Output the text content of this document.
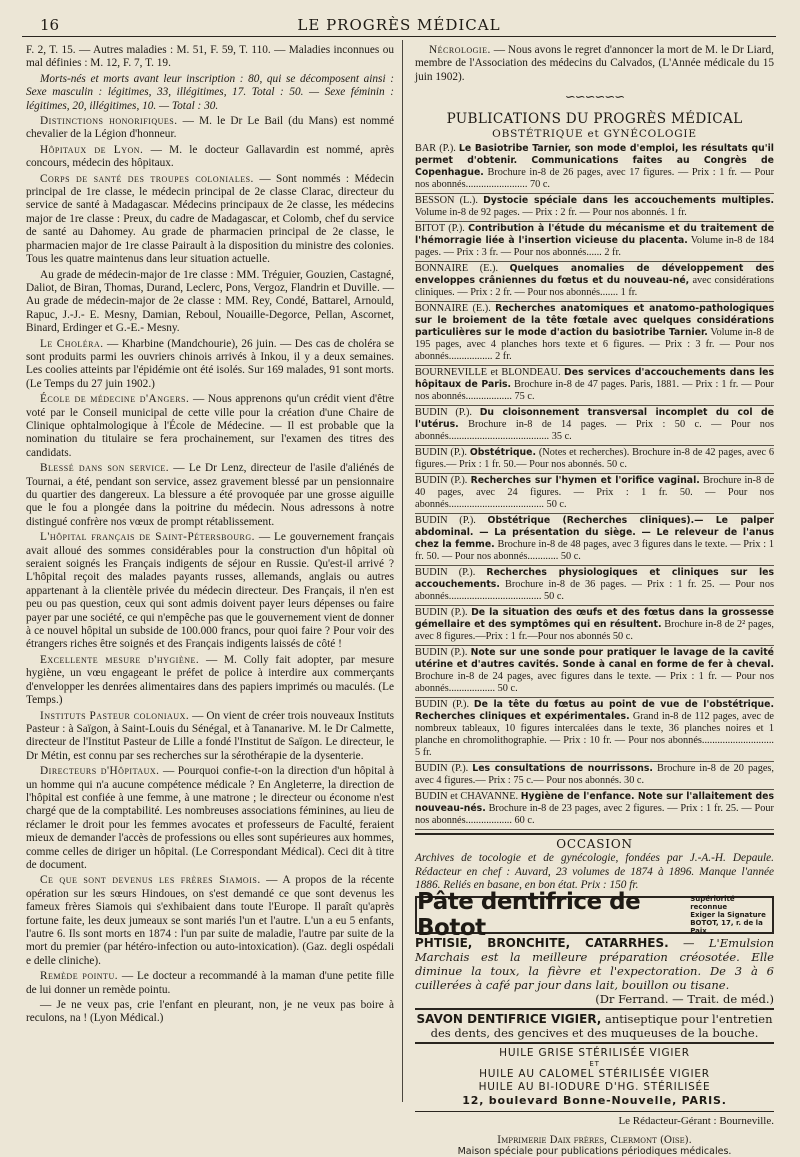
16	LE PROGRÈS MÉDICAL

F. 2, T. 15. — Autres maladies : M. 51, F. 59, T. 110. — Maladies inconnues ou mal définies : M. 12, F. 7, T. 19.

Morts-nés et morts avant leur inscription : 80, qui se décomposent ainsi : Sexe masculin : légitimes, 33, illégitimes, 17. Total : 50. — Sexe féminin : légitimes, 20, illégitimes, 10. — Total : 30.

Distinctions honorifiques. — M. le Dr Le Bail (du Mans) est nommé chevalier de la Légion d'honneur.

Hôpitaux de Lyon. — M. le docteur Gallavardin est nommé, après concours, médecin des hôpitaux.

Corps de santé des troupes coloniales. — Sont nommés : Médecin principal de 1re classe, le médecin principal de 2e classe Clarac, directeur du service de santé à Madagascar. Médecins principaux de 2e classe, les médecins major de 1re classe : Preux, du cadre de Madagascar, et Colomb, chef du service de santé au Dahomey. Au grade de pharmacien principal de 2e classe, le pharmacien major de 1re classe Pairault à la disposition du ministre des colonies. Tous les quatre maintenus dans leur situation actuelle.

Au grade de médecin-major de 1re classe : MM. Tréguier, Gouzien, Castagné, Daliot, de Biran, Thomas, Durand, Leclerc, Pons, Vergoz, Flandrin et Duville. — Au grade de médecin-major de 2e classe : MM. Rey, Condé, Battarel, Arnould, Rapuc, J.-J.- E. Mesny, Damian, Reboul, Nouaille-Degorce, Pellan, Ascornet, Binard, Erdinger et G.-E.- Mesny.

Le Choléra. — Kharbine (Mandchourie), 26 juin. — Des cas de choléra se sont produits parmi les ouvriers chinois arrivés à Inkou, il y a deux semaines. Les coolies atteints par l'épidémie ont été isolés. Sur 169 malades, 91 sont morts. (Le Temps du 27 juin 1902.)

École de médecine d'Angers. — Nous apprenons qu'un crédit vient d'être voté par le Conseil municipal de cette ville pour la création d'une Chaire de Clinique ophtalmologique à l'École de Médecine. — Il est probable que la nomination du titulaire se fera prochainement, sur l'examen des titres des candidats.

Blessé dans son service. — Le Dr Lenz, directeur de l'asile d'aliénés de Tournai, a été, pendant son service, assez gravement blessé par un pensionnaire du quartier des dangereux. La blessure a été provoquée par une grosse aiguille que le fou a plongée dans la poitrine du médecin. Nous adressons à notre distingué confrère nos vœux de prompt rétablissement.

L'hôpital français de Saint-Pétersbourg. — Le gouvernement français avait alloué des sommes considérables pour la construction d'un hôpital où seraient soignés les Français indigents de séjour en Russie. Qu'est-il arrivé ? L'hôpital reçoit des malades payants russes, allemands, anglais ou autres appartenant à la clientèle privée du médecin directeur. Des Français, il n'en est peu ou pas question, ceux qui sont admis doivent payer leurs dépenses ou faire payer par une société, ce qui n'empêche pas que le gouvernement vient de donner à ce nouvel hôpital un subside de 100.000 francs, pour quoi faire ? Pour voir des étrangers riches être soignés et des Français indigents laissés de côté !

Excellente mesure d'hygiène. — M. Colly fait adopter, par mesure hygiène, un vœu engageant le préfet de police à interdire aux commerçants d'envelopper les denrées alimentaires dans des papiers imprimés ou maculés. (Le Temps.)

Instituts Pasteur coloniaux. — On vient de créer trois nouveaux Instituts Pasteur : à Saïgon, à Saint-Louis du Sénégal, et à Tananarive. M. le Dr Calmette, directeur de l'Institut Pasteur de Lille a fondé l'Institut de Saïgon. Le directeur, le Dr Métin, est connu par ses recherches sur la sérothérapie de la dysenterie.

Directeurs d'Hôpitaux. — Pourquoi confie-t-on la direction d'un hôpital à un homme qui n'a aucune compétence médicale ? En Angleterre, la direction de l'hôpital est confiée à une femme, à une matrone ; le directeur ou économe n'est chargé que de la comptabilité. Les nombreuses associations féminines, au lieu de réclamer le droit pour les femmes avocates et professeurs de Faculté, feraient mieux de demander l'accès de professions ou elles sont supérieures aux hommes, comme celles de diriger un hôpital. (Le Correspondant Médical). Ceci dit à titre de document.

Ce que sont devenus les frères Siamois. — A propos de la récente opération sur les sœurs Hindoues, on s'est demandé ce que sont devenus les fameux frères Siamois qui s'exhibaient dans toute l'Europe. Il paraît qu'après fortune faite, les deux jumeaux se sont mariés l'un et l'autre. L'un a eu 5 enfants, l'autre 6. Ils sont morts en 1874 : l'un par suite de maladie, l'autre par suite de la mort du premier (par hétéro-infection ou auto-intoxication). (Gaz. degli ospédali e delle cliniche).

Remède pointu. — Le docteur a recommandé à la maman d'une petite fille de lui donner un remède pointu.

— Je ne veux pas, crie l'enfant en pleurant, non, je ne veux pas boire à reculons, na ! (Lyon Médical.)

Nécrologie. — Nous avons le regret d'annoncer la mort de M. le Dr Liard, membre de l'Association des médecins du Calvados, (L'Année médicale du 15 juin 1902).

∽∽∽∽∽∽
PUBLICATIONS DU PROGRÈS MÉDICAL
OBSTÉTRIQUE et GYNÉCOLOGIE
BAR (P.). Le Basiotribe Tarnier, son mode d'emploi, les résultats qu'il permet d'obtenir. Communications faites au Congrès de Copenhague. Brochure in-8 de 26 pages, avec 17 figures. — Prix : 1 fr. — Pour nos abonnés........................ 70 c.
BESSON (L.). Dystocie spéciale dans les accouchements multiples. Volume in-8 de 92 pages. — Prix : 2 fr. — Pour nos abonnés. 1 fr.
BITOT (P.). Contribution à l'étude du mécanisme et du traitement de l'hémorragie liée à l'insertion vicieuse du placenta. Volume in-8 de 184 pages. — Prix : 3 fr. — Pour nos abonnés...... 2 fr.
BONNAIRE (E.). Quelques anomalies de développement des enveloppes crâniennes du fœtus et du nouveau-né, avec considérations cliniques. — Prix : 2 fr. — Pour nos abonnés....... 1 fr.
BONNAIRE (E.). Recherches anatomiques et anatomo-pathologiques sur le broiement de la tête fœtale avec quelques considérations particulières sur le mode d'action du basiotribe Tarnier. Volume in-8 de 195 pages, avec 4 planches hors texte et 6 figures. — Prix : 3 fr. — Pour nos abonnés................. 2 fr.
BOURNEVILLE et BLONDEAU. Des services d'accouchements dans les hôpitaux de Paris. Brochure in-8 de 47 pages. Paris, 1881. — Prix : 1 fr. — Pour nos abonnés.................. 75 c.
BUDIN (P.). Du cloisonnement transversal incomplet du col de l'utérus. Brochure in-8 de 14 pages. — Prix : 50 c. — Pour nos abonnés....................................... 35 c.
BUDIN (P.). Obstétrique. (Notes et recherches). Brochure in-8 de 42 pages, avec 6 figures.— Prix : 1 fr. 50.— Pour nos abonnés. 50 c.
BUDIN (P.). Recherches sur l'hymen et l'orifice vaginal. Brochure in-8 de 40 pages, avec 24 figures. — Prix : 1 fr. 50. — Pour nos abonnés..................................... 50 c.
BUDIN (P.). Obstétrique (Recherches cliniques).— Le palper abdominal. — La présentation du siège. — Le releveur de l'anus chez la femme. Brochure in-8 de 48 pages, avec 3 figures dans le texte. — Prix : 1 fr. 50. — Pour nos abonnés............ 50 c.
BUDIN (P.). Recherches physiologiques et cliniques sur les accouchements. Brochure in-8 de 36 pages. — Prix : 1 fr. 25. — Pour nos abonnés.................................... 50 c.
BUDIN (P.). De la situation des œufs et des fœtus dans la grossesse gémellaire et des symptômes qui en résultent. Brochure in-8 de 2² pages, avec 8 figures.—Prix : 1 fr.—Pour nos abonnés 50 c.
BUDIN (P.). Note sur une sonde pour pratiquer le lavage de la cavité utérine et d'autres cavités. Sonde à canal en forme de fer à cheval. Brochure in-8 de 24 pages, avec figures dans le texte. — Prix : 1 fr. — Pour nos abonnés.................. 50 c.
BUDIN (P.). De la tête du fœtus au point de vue de l'obstétrique. Recherches cliniques et expérimentales. Grand in-8 de 112 pages, avec de nombreux tableaux, 10 figures intercalées dans le texte, 36 planches noires et 1 planche en chromolithographie. — Prix : 10 fr. — Pour nos abonnés............................ 5 fr.
BUDIN (P.). Les consultations de nourrissons. Brochure in-8 de 20 pages, avec 4 figures.— Prix : 75 c.— Pour nos abonnés. 30 c.
BUDIN et CHAVANNE. Hygiène de l'enfance. Note sur l'allaitement des nouveau-nés. Brochure in-8 de 23 pages, avec 2 figures. — Prix : 1 fr. 25. — Pour nos abonnés.................. 60 c.
OCCASION

Archives de tocologie et de gynécologie, fondées par J.-A.-H. Depaule. Rédacteur en chef : Auvard, 23 volumes de 1874 à 1896. Manque l'année 1886. Reliés en basane, en bon état. Prix : 150 fr.

Pâte dentifrice de Botot
Supériorité reconnue
Exiger la Signature
BOTOT, 17, r. de la Paix
PHTISIE, BRONCHITE, CATARRHES. — L'Emulsion Marchais est la meilleure préparation créosotée. Elle diminue la toux, la fièvre et l'expectoration. De 3 à 6 cuillerées à café par jour dans lait, bouillon ou tisane.
(Dr Ferrand. — Trait. de méd.)
SAVON DENTIFRICE VIGIER, antiseptique pour l'entretien des dents, des gencives et des muqueuses de la bouche.
HUILE GRISE STÉRILISÉE VIGIER
ET
HUILE AU CALOMEL STÉRILISÉE VIGIER
HUILE AU BI-IODURE D'HG. STÉRILISÉE
12, boulevard Bonne-Nouvelle, PARIS.
Le Rédacteur-Gérant : Bourneville.
Imprimerie Daix frères, Clermont (Oise).
Maison spéciale pour publications périodiques médicales.
